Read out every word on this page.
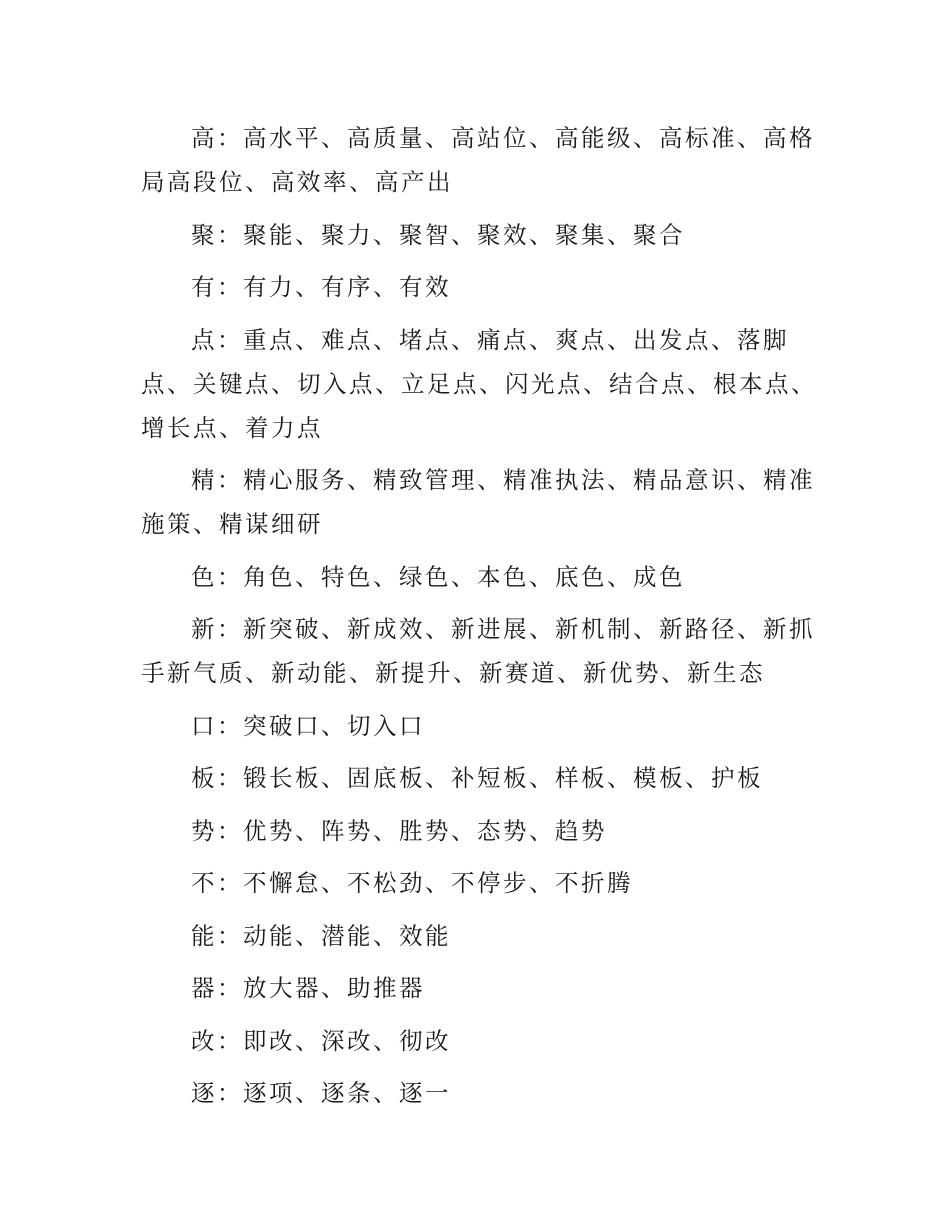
高：高水平、高质量、高站位、高能级、高标准、高格局高段位、高效率、高产出

聚：聚能、聚力、聚智、聚效、聚集、聚合

有：有力、有序、有效

点：重点、难点、堵点、痛点、爽点、出发点、落脚点、关键点、切入点、立足点、闪光点、结合点、根本点、增长点、着力点

精：精心服务、精致管理、精准执法、精品意识、精准施策、精谋细研

色：角色、特色、绿色、本色、底色、成色

新：新突破、新成效、新进展、新机制、新路径、新抓手新气质、新动能、新提升、新赛道、新优势、新生态

口：突破口、切入口

板：锻长板、固底板、补短板、样板、模板、护板

势：优势、阵势、胜势、态势、趋势

不：不懈怠、不松劲、不停步、不折腾

能：动能、潜能、效能

器：放大器、助推器

改：即改、深改、彻改

逐：逐项、逐条、逐一
